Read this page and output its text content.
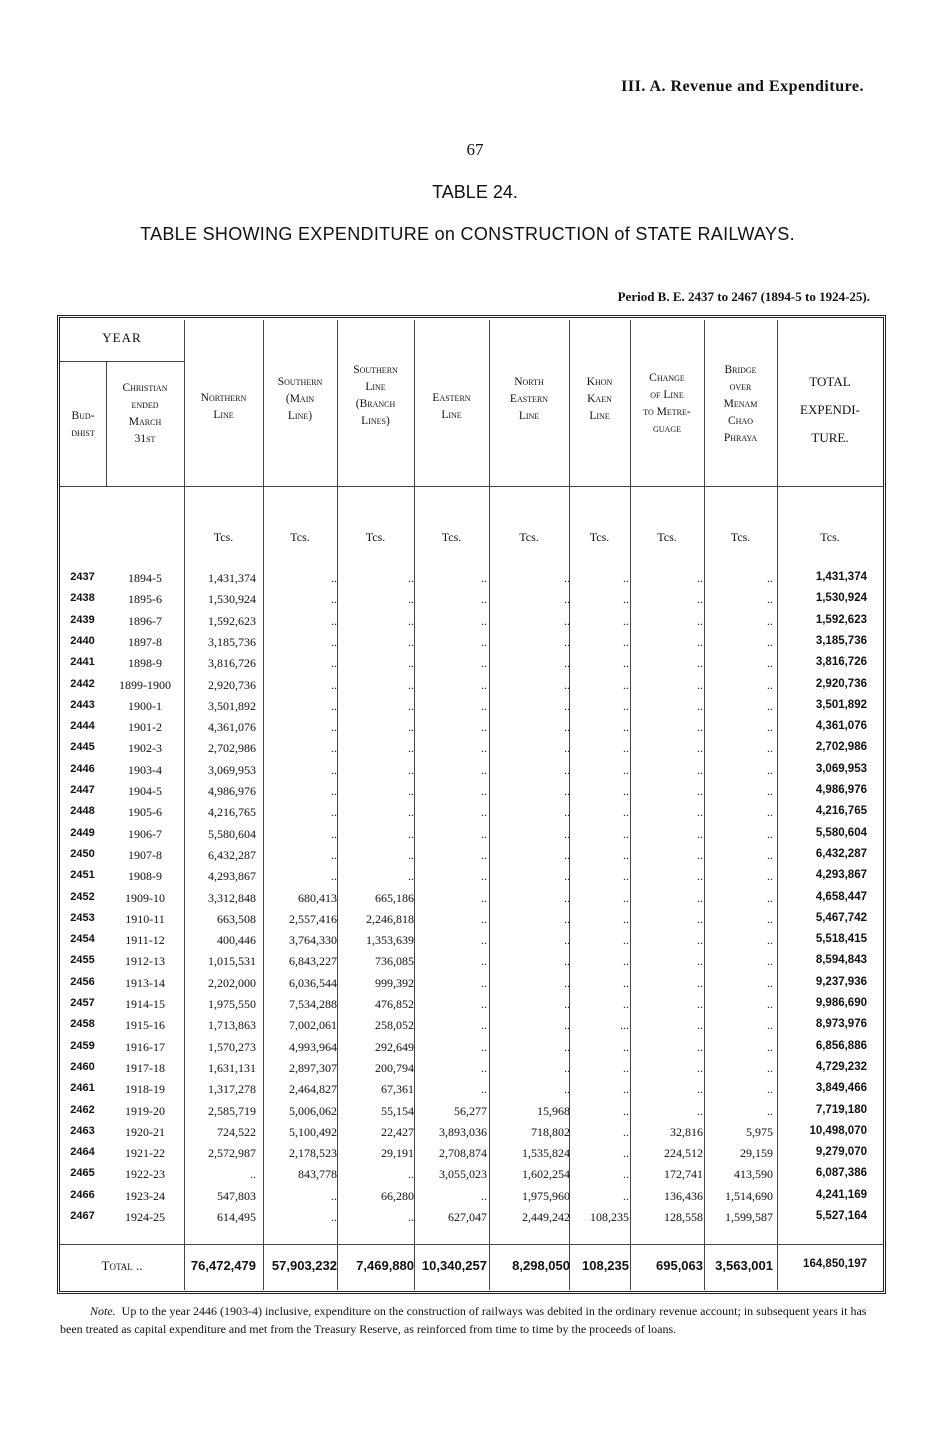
III. A. Revenue and Expenditure.
67
TABLE 24.
TABLE SHOWING EXPENDITURE on CONSTRUCTION of STATE RAILWAYS.
Period B. E. 2437 to 2467 (1894-5 to 1924-25).
YEAR
Bud-
dhist
Christian
ended
March
31st
Northern
Line
Southern
(Main
Line)
Southern
Line
(Branch
Lines)
Eastern
Line
North
Eastern
Line
Khon
Kaen
Line
Change
of Line
to Metre-
guage
Bridge
over
Menam
Chao
Phraya
TOTAL
EXPENDI-
TURE.
Tcs.	Tcs.	Tcs.	Tcs.	Tcs.	Tcs.	Tcs.	Tcs.	Tcs.
2437	1894-5	1,431,374	..	..	..	..	..	..	..	1,431,374
2438	1895-6	1,530,924	..	..	..	..	..	..	..	1,530,924
2439	1896-7	1,592,623	..	..	..	..	..	..	..	1,592,623
2440	1897-8	3,185,736	..	..	..	..	..	..	..	3,185,736
2441	1898-9	3,816,726	..	..	..	..	..	..	..	3,816,726
2442	1899-1900	2,920,736	..	..	..	..	..	..	..	2,920,736
2443	1900-1	3,501,892	..	..	..	..	..	..	..	3,501,892
2444	1901-2	4,361,076	..	..	..	..	..	..	..	4,361,076
2445	1902-3	2,702,986	..	..	..	..	..	..	..	2,702,986
2446	1903-4	3,069,953	..	..	..	..	..	..	..	3,069,953
2447	1904-5	4,986,976	..	..	..	..	..	..	..	4,986,976
2448	1905-6	4,216,765	..	..	..	..	..	..	..	4,216,765
2449	1906-7	5,580,604	..	..	..	..	..	..	..	5,580,604
2450	1907-8	6,432,287	..	..	..	..	..	..	..	6,432,287
2451	1908-9	4,293,867	..	..	..	..	..	..	..	4,293,867
2452	1909-10	3,312,848	680,413	665,186	..	..	..	..	..	4,658,447
2453	1910-11	663,508	2,557,416 2,246,818	..	..	..	..	..	5,467,742
2454	1911-12	400,446	3,764,330 1,353,639	..	..	..	..	..	5,518,415
2455	1912-13	1,015,531	6,843,227	736,085	..	..	..	..	..	8,594,843
2456	1913-14	2,202,000	6,036,544	999,392	..	..	..	..	..	9,237,936
2457	1914-15	1,975,550	7,534,288	476,852	..	..	..	..	..	9,986,690
2458	1915-16	1,713,863	7,002,061	258,052	..	..	...	..	..	8,973,976
2459	1916-17	1,570,273	4,993,964	292,649	..	..	..	..	..	6,856,886
2460	1917-18	1,631,131	2,897,307	200,794	..	..	..	..	..	4,729,232
2461	1918-19	1,317,278	2,464,827	67,361	..	..	..	..	..	3,849,466
2462	1919-20	2,585,719	5,006,062	55,154	56,277	15,968	..	..	..	7,719,180
2463	1920-21	724,522	5,100,492	22,427 3,893,036	718,802	..	32,816	5,975	10,498,070
2464	1921-22	2,572,987	2,178,523	29,191 2,708,874	1,535,824	..	224,512	29,159	9,279,070
2465	1922-23	..	843,778	.. 3,055,023	1,602,254	..	172,741	413,590	6,087,386
2466	1923-24	547,803	..	66,280	..	1,975,960	..	136,436 1,514,690	4,241,169
2467	1924-25	614,495	..	..	627,047	2,449,242 108,235	128,558 1,599,587	5,527,164
Total ..	76,472,479 57,903,232 7,469,880 10,340,257 8,298,050 108,235 695,063 3,563,001	164,850,197
Note. Up to the year 2446 (1903-4) inclusive, expenditure on the construction of railways was debited in the ordinary revenue account; in subsequent years it has been treated as capital expenditure and met from the Treasury Reserve, as reinforced from time to time by the proceeds of loans.
